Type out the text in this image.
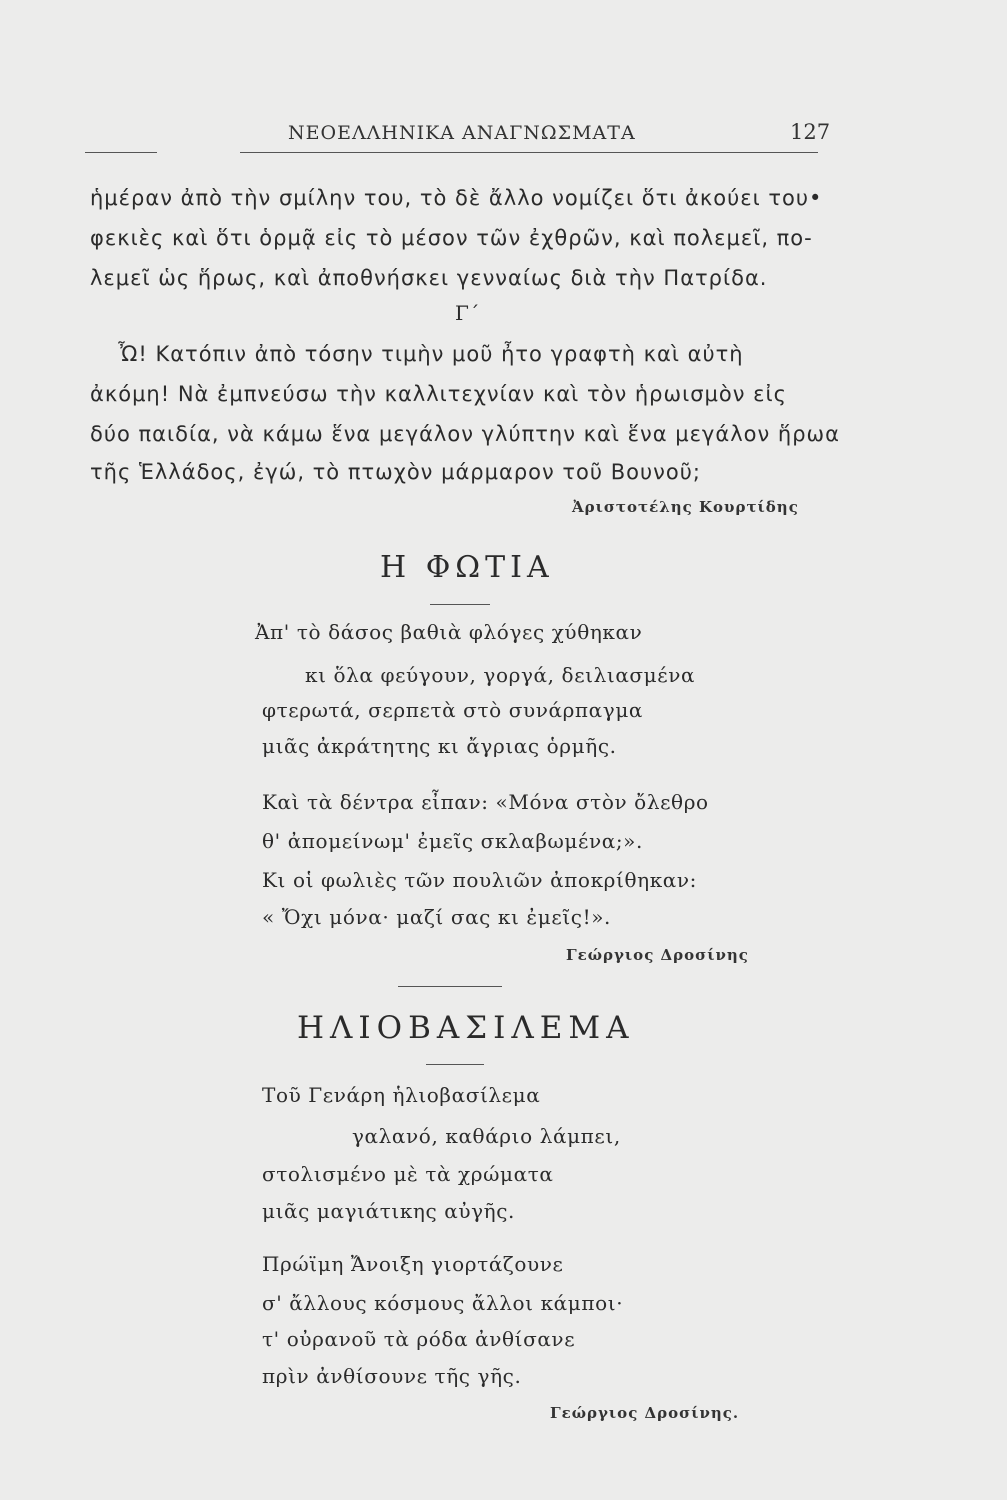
ΝΕΟΕΛΛΗΝΙΚΑ ΑΝΑΓΝΩΣΜΑΤΑ	127
ἡμέραν ἀπὸ τὴν σμίλην του, τὸ δὲ ἄλλο νομίζει ὅτι ἀκούει του•
φεκιὲς καὶ ὅτι ὁρμᾷ εἰς τὸ μέσον τῶν ἐχθρῶν, καὶ πολεμεῖ, πο-
λεμεῖ ὡς ἥρως, καὶ ἀποθνήσκει γενναίως διὰ τὴν Πατρίδα.
Γ΄
Ὦ! Κατόπιν ἀπὸ τόσην τιμὴν μοῦ ἦτο γραφτὴ καὶ αὐτὴ
ἀκόμη! Νὰ ἐμπνεύσω τὴν καλλιτεχνίαν καὶ τὸν ἡρωισμὸν εἰς
δύο παιδία, νὰ κάμω ἕνα μεγάλον γλύπτην καὶ ἕνα μεγάλον ἥρωα
τῆς Ἑλλάδος, ἐγώ, τὸ πτωχὸν μάρμαρον τοῦ Βουνοῦ;
Ἀριστοτέλης Κουρτίδης
Η ΦΩΤΙΑ
Ἀπ' τὸ δάσος βαθιὰ φλόγες χύθηκαν
κι ὅλα φεύγουν, γοργά, δειλιασμένα
φτερωτά, σερπετὰ στὸ συνάρπαγμα
μιᾶς ἀκράτητης κι ἄγριας ὁρμῆς.
Καὶ τὰ δέντρα εἶπαν: «Μόνα στὸν ὄλεθρο
θ' ἀπομείνωμ' ἐμεῖς σκλαβωμένα;».
Κι οἱ φωλιὲς τῶν πουλιῶν ἀποκρίθηκαν:
« Ὄχι μόνα· μαζί σας κι ἐμεῖς!».
Γεώργιος Δροσίνης
ΗΛΙΟΒΑΣΙΛΕΜΑ
Τοῦ Γενάρη ἡλιοβασίλεμα
γαλανό, καθάριο λάμπει,
στολισμένο μὲ τὰ χρώματα
μιᾶς μαγιάτικης αὐγῆς.
Πρώϊμη Ἄνοιξη γιορτάζουνε
σ' ἄλλους κόσμους ἄλλοι κάμποι·
τ' οὐρανοῦ τὰ ρόδα ἀνθίσανε
πρὶν ἀνθίσουνε τῆς γῆς.
Γεώργιος Δροσίνης.
